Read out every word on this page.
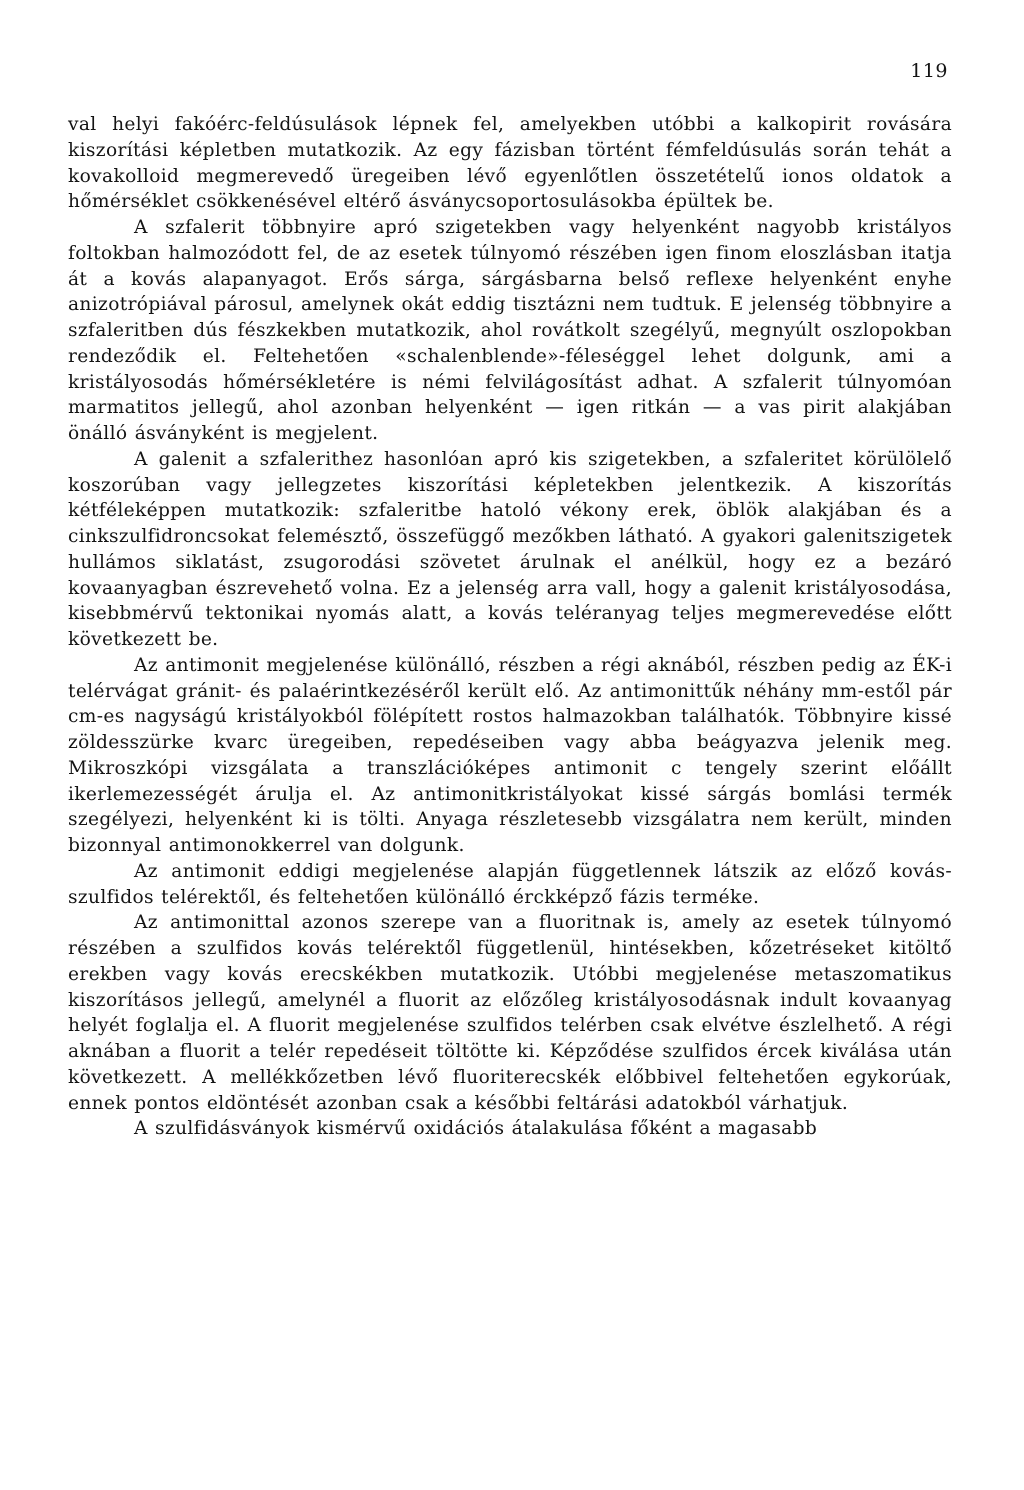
119

val helyi fakóérc-feldúsulások lépnek fel, amelyekben utóbbi a kalkopirit rovására kiszorítási képletben mutatkozik. Az egy fázisban történt fémfeldúsulás során tehát a kovakolloid megmerevedő üregeiben lévő egyenlőtlen összetételű ionos oldatok a hőmérséklet csökkenésével eltérő ásványcsoportosulásokba épültek be.

A szfalerit többnyire apró szigetekben vagy helyenként nagyobb kristályos foltokban halmozódott fel, de az esetek túlnyomó részében igen finom eloszlásban itatja át a kovás alapanyagot. Erős sárga, sárgásbarna belső reflexe helyenként enyhe anizotrópiával párosul, amelynek okát eddig tisztázni nem tudtuk. E jelenség többnyire a szfaleritben dús fészkekben mutatkozik, ahol rovátkolt szegélyű, megnyúlt oszlopokban rendeződik el. Feltehetően «schalenblende»-féleséggel lehet dolgunk, ami a kristályosodás hőmérsékletére is némi felvilágosítást adhat. A szfalerit túlnyomóan marmatitos jellegű, ahol azonban helyenként — igen ritkán — a vas pirit alakjában önálló ásványként is megjelent.

A galenit a szfalerithez hasonlóan apró kis szigetekben, a szfaleritet körülölelő koszorúban vagy jellegzetes kiszorítási képletekben jelentkezik. A kiszorítás kétféleképpen mutatkozik: szfaleritbe hatoló vékony erek, öblök alakjában és a cinkszulfidroncsokat felemésztő, összefüggő mezőkben látható. A gyakori galenitszigetek hullámos siklatást, zsugorodási szövetet árulnak el anélkül, hogy ez a bezáró kovaanyagban észrevehető volna. Ez a jelenség arra vall, hogy a galenit kristályosodása, kisebbmérvű tektonikai nyomás alatt, a kovás teléranyag teljes megmerevedése előtt következett be.

Az antimonit megjelenése különálló, részben a régi aknából, részben pedig az ÉK-i telérvágat gránit- és palaérintkezéséről került elő. Az antimonittűk néhány mm-estől pár cm-es nagyságú kristályokból fölépített rostos halmazokban találhatók. Többnyire kissé zöldesszürke kvarc üregeiben, repedéseiben vagy abba beágyazva jelenik meg. Mikroszkópi vizsgálata a transzlációképes antimonit c tengely szerint előállt ikerlemezességét árulja el. Az antimonitkristályokat kissé sárgás bomlási termék szegélyezi, helyenként ki is tölti. Anyaga részletesebb vizsgálatra nem került, minden bizonnyal antimonokkerrel van dolgunk.

Az antimonit eddigi megjelenése alapján függetlennek látszik az előző kovás-szulfidos telérektől, és feltehetően különálló érckképző fázis terméke.

Az antimonittal azonos szerepe van a fluoritnak is, amely az esetek túlnyomó részében a szulfidos kovás telérektől függetlenül, hintésekben, kőzetréseket kitöltő erekben vagy kovás erecskékben mutatkozik. Utóbbi megjelenése metaszomatikus kiszorításos jellegű, amelynél a fluorit az előzőleg kristályosodásnak indult kovaanyag helyét foglalja el. A fluorit megjelenése szulfidos telérben csak elvétve észlelhető. A régi aknában a fluorit a telér repedéseit töltötte ki. Képződése szulfidos ércek kiválása után következett. A mellékkőzetben lévő fluoriterecskék előbbivel feltehetően egykorúak, ennek pontos eldöntését azonban csak a későbbi feltárási adatokból várhatjuk.

A szulfidásványok kismérvű oxidációs átalakulása főként a magasabb
